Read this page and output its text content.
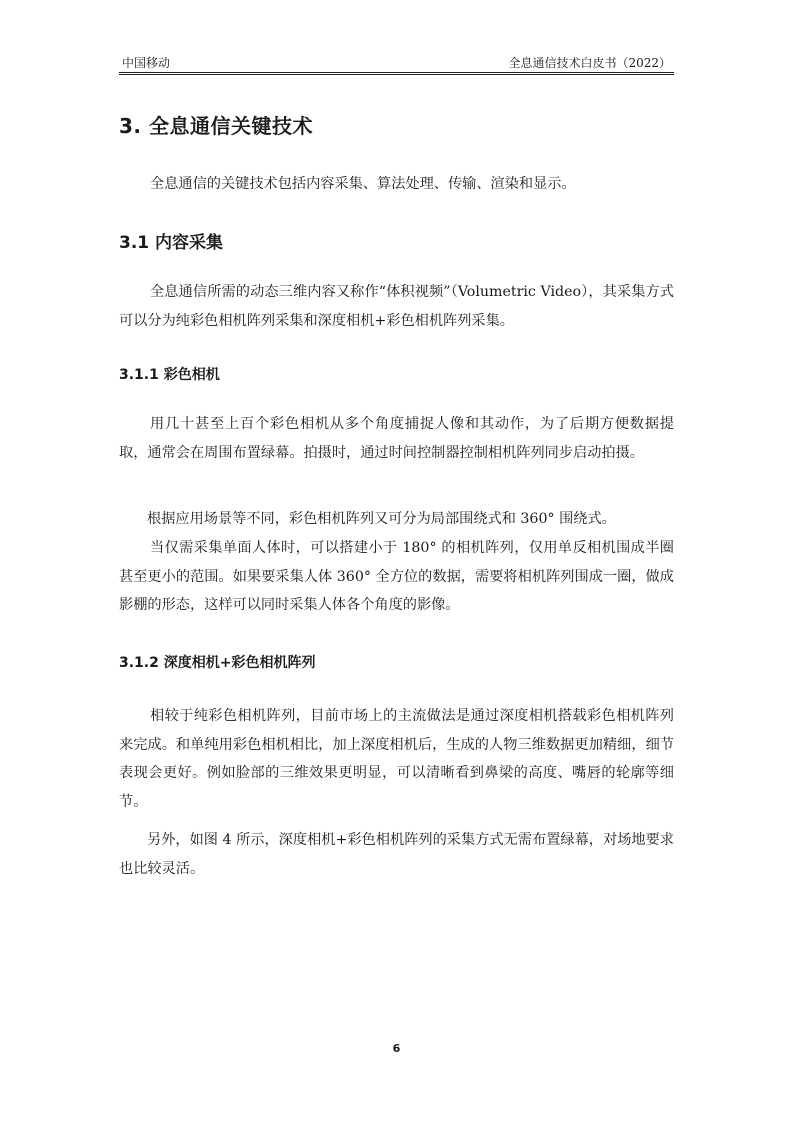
中国移动	全息通信技术白皮书（2022）
3. 全息通信关键技术

全息通信的关键技术包括内容采集、算法处理、传输、渲染和显示。

3.1 内容采集

全息通信所需的动态三维内容又称作“体积视频”（Volumetric Video），其采集方式可以分为纯彩色相机阵列采集和深度相机+彩色相机阵列采集。

3.1.1 彩色相机

用几十甚至上百个彩色相机从多个角度捕捉人像和其动作，为了后期方便数据提取，通常会在周围布置绿幕。拍摄时，通过时间控制器控制相机阵列同步启动拍摄。

根据应用场景等不同，彩色相机阵列又可分为局部围绕式和 360° 围绕式。

当仅需采集单面人体时，可以搭建小于 180° 的相机阵列，仅用单反相机围成半圈甚至更小的范围。如果要采集人体 360° 全方位的数据，需要将相机阵列围成一圈，做成影棚的形态，这样可以同时采集人体各个角度的影像。

3.1.2 深度相机+彩色相机阵列

相较于纯彩色相机阵列，目前市场上的主流做法是通过深度相机搭载彩色相机阵列来完成。和单纯用彩色相机相比，加上深度相机后，生成的人物三维数据更加精细，细节表现会更好。例如脸部的三维效果更明显，可以清晰看到鼻梁的高度、嘴唇的轮廓等细节。

另外，如图 4 所示，深度相机+彩色相机阵列的采集方式无需布置绿幕，对场地要求也比较灵活。

6
